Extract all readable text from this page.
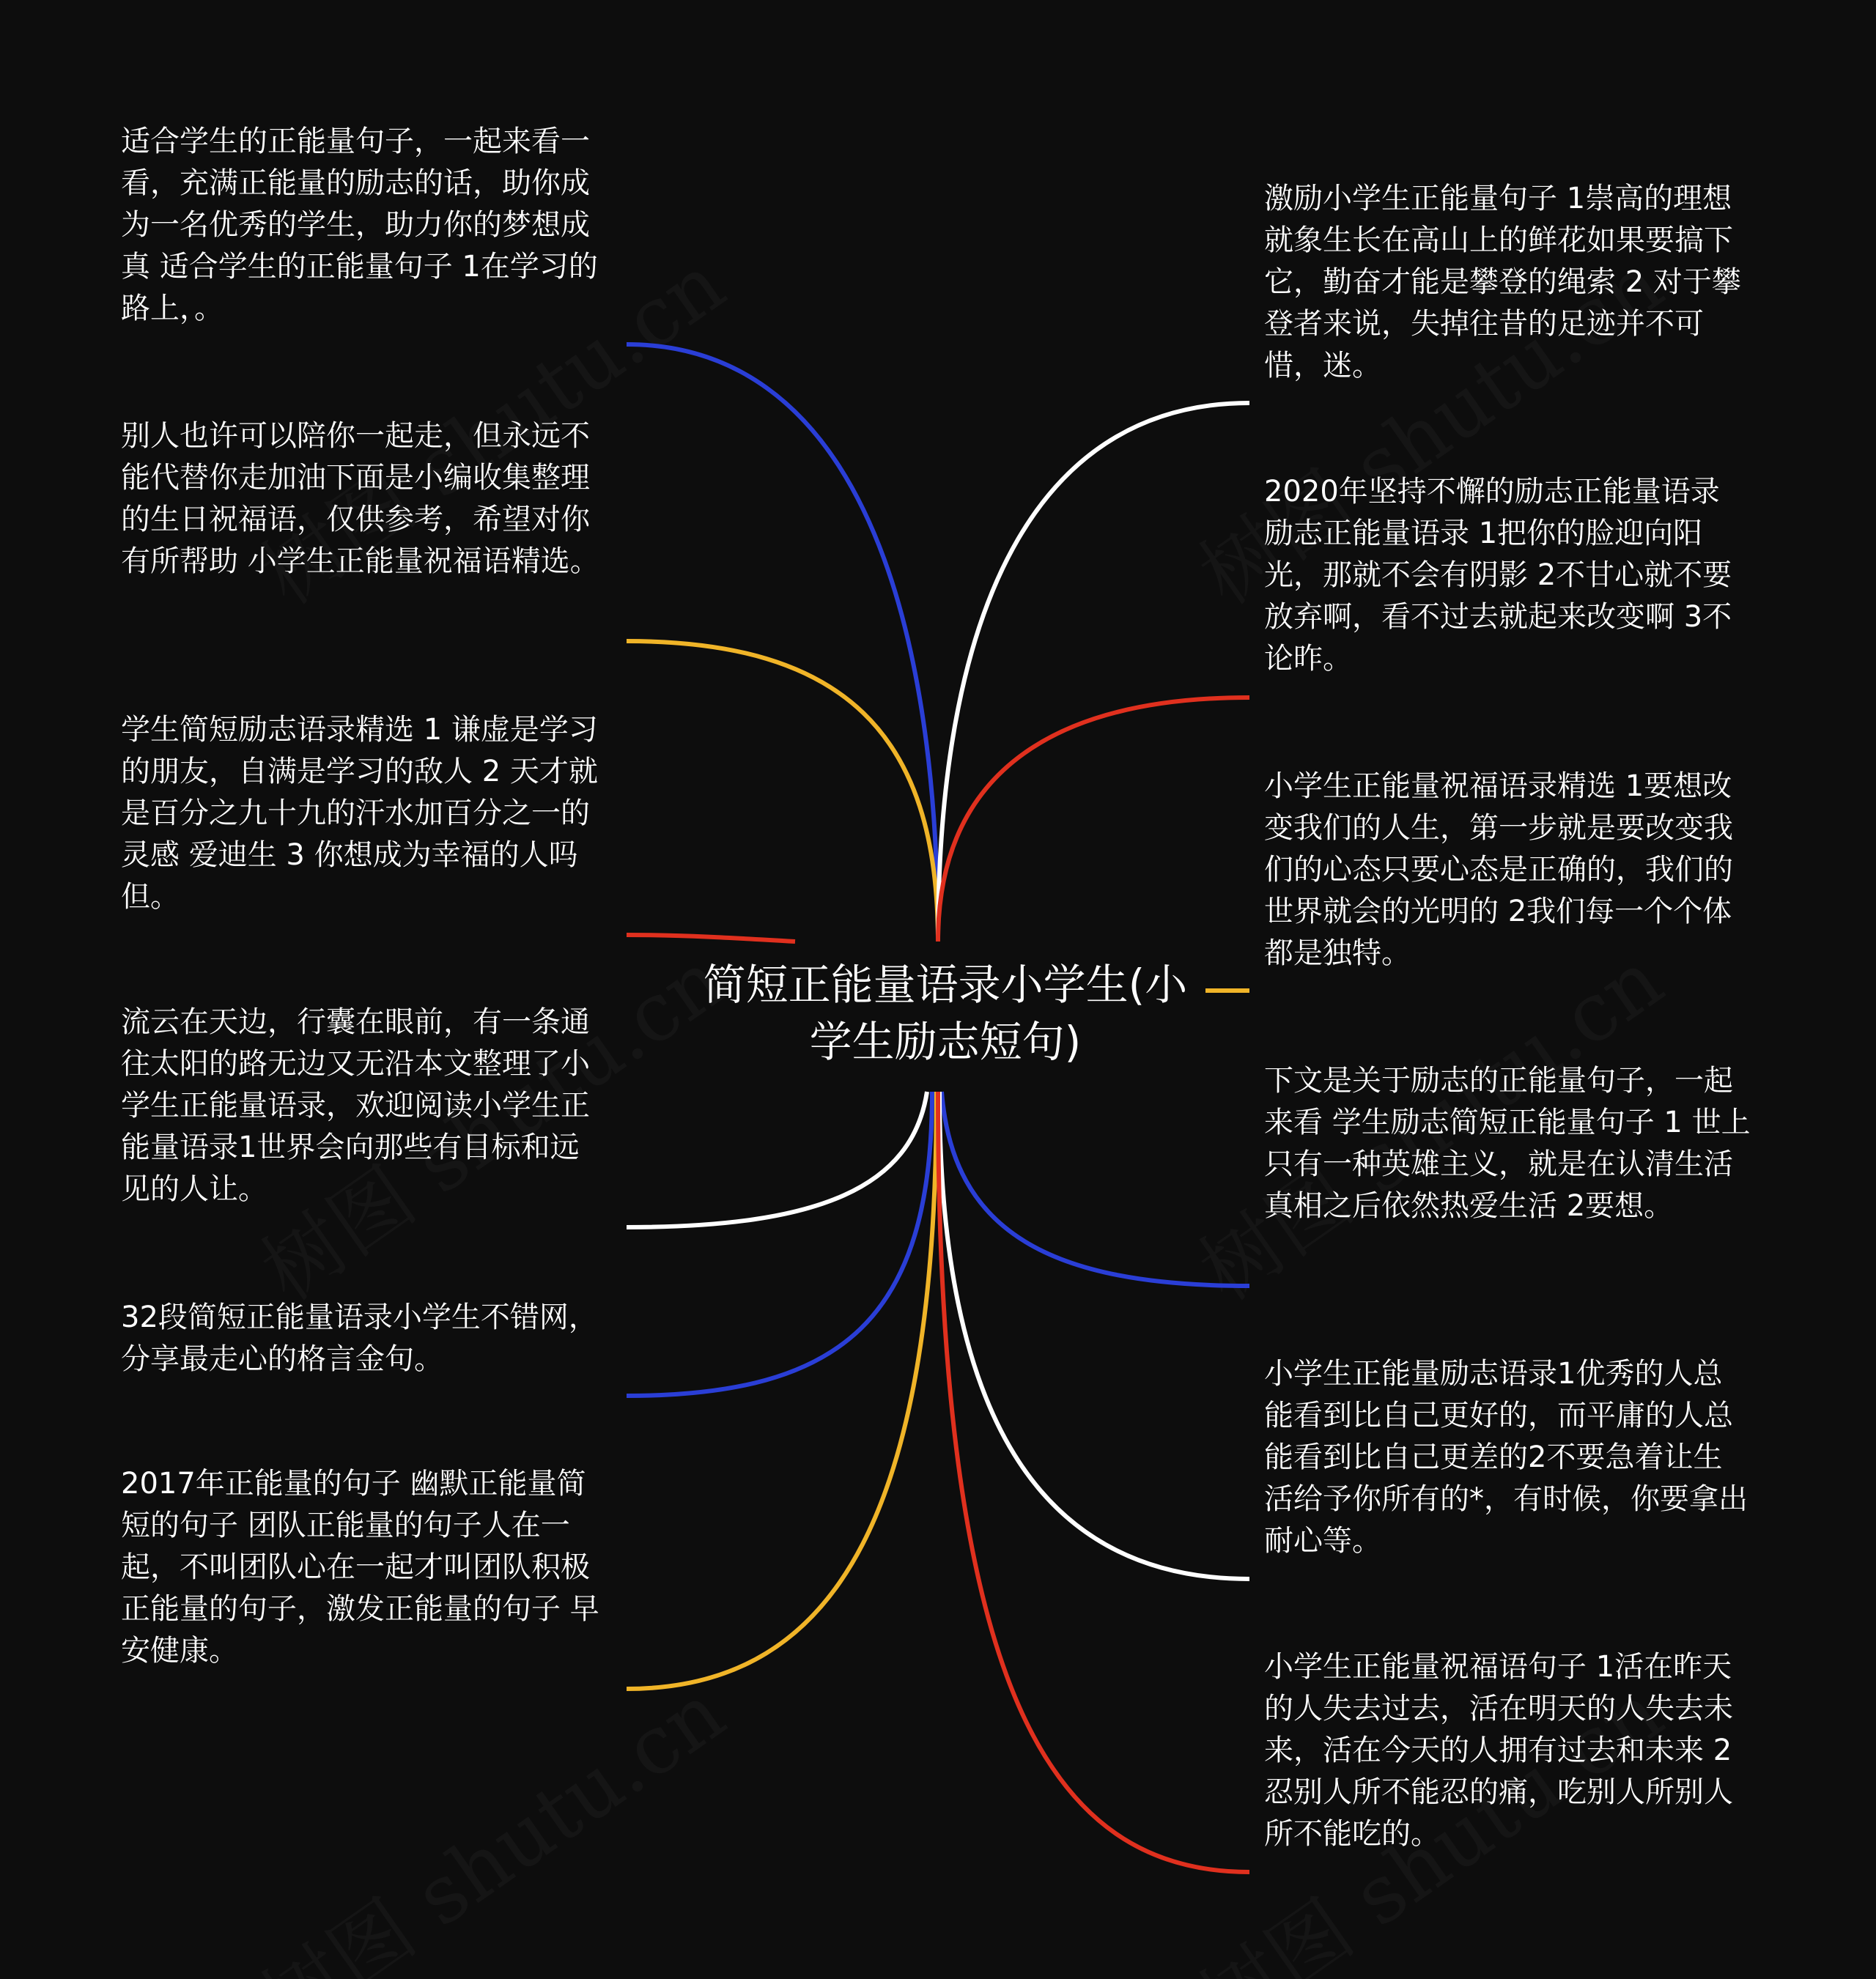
简短正能量语录小学生(小学生励志短句)
适合学生的正能量句子，一起来看一看，充满正能量的励志的话，助你成为一名优秀的学生，助力你的梦想成真 适合学生的正能量句子 1在学习的路上，。
别人也许可以陪你一起走，但永远不能代替你走加油下面是小编收集整理的生日祝福语，仅供参考，希望对你有所帮助 小学生正能量祝福语精选。
学生简短励志语录精选 1 谦虚是学习的朋友，自满是学习的敌人 2 天才就是百分之九十九的汗水加百分之一的灵感 爱迪生 3 你想成为幸福的人吗但。
流云在天边，行囊在眼前，有一条通往太阳的路无边又无沿本文整理了小学生正能量语录，欢迎阅读小学生正能量语录1世界会向那些有目标和远见的人让。
32段简短正能量语录小学生不错网，分享最走心的格言金句。
2017年正能量的句子 幽默正能量简短的句子 团队正能量的句子人在一起，不叫团队心在一起才叫团队积极正能量的句子，激发正能量的句子 早安健康。
激励小学生正能量句子 1崇高的理想就象生长在高山上的鲜花如果要搞下它，勤奋才能是攀登的绳索 2 对于攀登者来说，失掉往昔的足迹并不可惜，迷。
2020年坚持不懈的励志正能量语录 励志正能量语录 1把你的脸迎向阳光，那就不会有阴影 2不甘心就不要放弃啊，看不过去就起来改变啊 3不论昨。
小学生正能量祝福语录精选 1要想改变我们的人生，第一步就是要改变我们的心态只要心态是正确的，我们的世界就会的光明的 2我们每一个个体都是独特。
下文是关于励志的正能量句子，一起来看 学生励志简短正能量句子 1 世上只有一种英雄主义，就是在认清生活真相之后依然热爱生活 2要想。
小学生正能量励志语录1优秀的人总能看到比自己更好的，而平庸的人总能看到比自己更差的2不要急着让生活给予你所有的*，有时候，你要拿出耐心等。
小学生正能量祝福语句子 1活在昨天的人失去过去，活在明天的人失去未来，活在今天的人拥有过去和未来 2忍别人所不能忍的痛，吃别人所别人所不能吃的。
